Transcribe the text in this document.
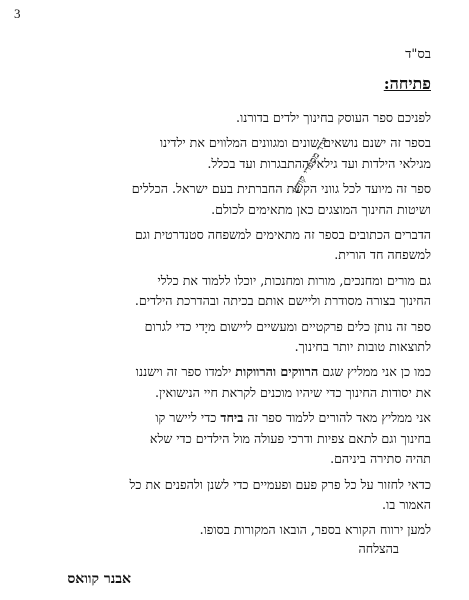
3
בס"ד
פתיחה:
לפניכם ספר העוסק בחינוך ילדים בדורנו.
בספר זה ישנם נושאים שונים ומגוונים המלווים את ילדינו
מגילאי הילדות ועד גילאי ההתבגרות ועד בכלל.
ספר זה מיועד לכל גווני הקשת החברתית בעם ישראל. הכללים
ושיטות החינוך המוצגים כאן מתאימים לכולם.
הדברים הכתובים בספר זה מתאימים למשפחה סטנדרטית וגם
למשפחה חד הורית.
גם מורים ומחנכים, מורות ומחנכות, יוכלו ללמוד את כללי
החינוך בצורה מסודרת וליישם אותם בכיתה ובהדרכת הילדים.
ספר זה נותן כלים פרקטיים ומעשיים ליישום מיָדי כדי לגרום
לתוצאות טובות יותר בחינוך.
כמו כן אני ממליץ שגם הרווקים והרווקות ילמדו ספר זה וישננו
את יסודות החינוך כדי שיהיו מוכנים לקראת חיי הנישואין.
אני ממליץ מאד להורים ללמוד ספר זה ביחד כדי ליישר קו
בחינוך וגם לתאם צפיות ודרכי פעולה מול הילדים כדי שלא
תהיה סתירה ביניהם.
כדאי לחזור על כל פרק פעם ופעמיים כדי לשנן ולהפנים את כל
האמור בו.
למען ירווח הקורא בספר, הובאו המקורות בסופו.
בהצלחה
אבנר קוואס
יורד מספרי קודש
